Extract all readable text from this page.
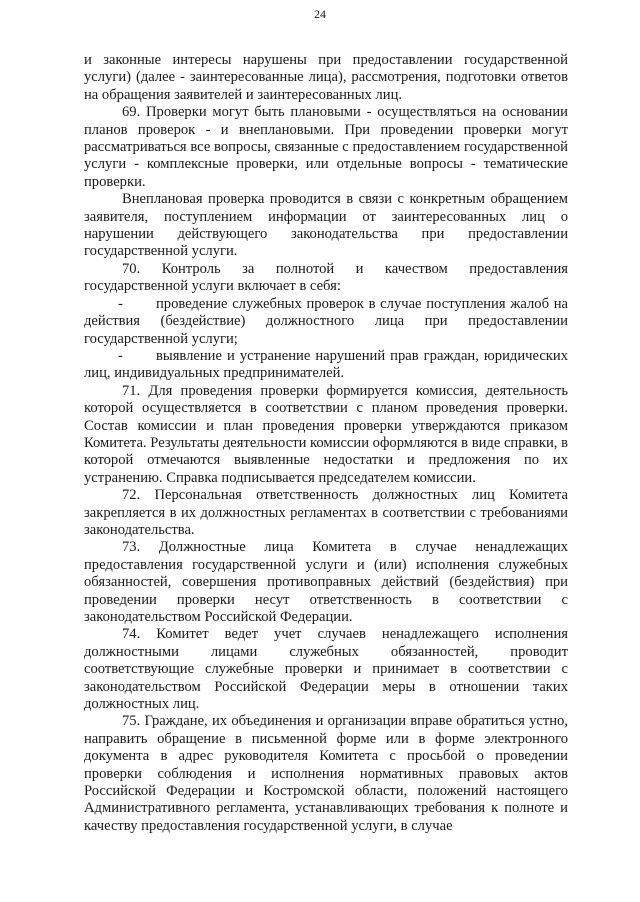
24

и законные интересы нарушены при предоставлении государственной услуги) (далее - заинтересованные лица), рассмотрения, подготовки ответов на обращения заявителей и заинтересованных лиц.

69. Проверки могут быть плановыми - осуществляться на основании планов проверок - и внеплановыми. При проведении проверки могут рассматриваться все вопросы, связанные с предоставлением государственной услуги - комплексные проверки, или отдельные вопросы - тематические проверки.

Внеплановая проверка проводится в связи с конкретным обращением заявителя, поступлением информации от заинтересованных лиц о нарушении действующего законодательства при предоставлении государственной услуги.

70. Контроль за полнотой и качеством предоставления государственной услуги включает в себя:

- проведение служебных проверок в случае поступления жалоб на действия (бездействие) должностного лица при предоставлении государственной услуги;

- выявление и устранение нарушений прав граждан, юридических лиц, индивидуальных предпринимателей.

71. Для проведения проверки формируется комиссия, деятельность которой осуществляется в соответствии с планом проведения проверки. Состав комиссии и план проведения проверки утверждаются приказом Комитета. Результаты деятельности комиссии оформляются в виде справки, в которой отмечаются выявленные недостатки и предложения по их устранению. Справка подписывается председателем комиссии.

72. Персональная ответственность должностных лиц Комитета закрепляется в их должностных регламентах в соответствии с требованиями законодательства.

73. Должностные лица Комитета в случае ненадлежащих предоставления государственной услуги и (или) исполнения служебных обязанностей, совершения противоправных действий (бездействия) при проведении проверки несут ответственность в соответствии с законодательством Российской Федерации.

74. Комитет ведет учет случаев ненадлежащего исполнения должностными лицами служебных обязанностей, проводит соответствующие служебные проверки и принимает в соответствии с законодательством Российской Федерации меры в отношении таких должностных лиц.

75. Граждане, их объединения и организации вправе обратиться устно, направить обращение в письменной форме или в форме электронного документа в адрес руководителя Комитета с просьбой о проведении проверки соблюдения и исполнения нормативных правовых актов Российской Федерации и Костромской области, положений настоящего Административного регламента, устанавливающих требования к полноте и качеству предоставления государственной услуги, в случае
